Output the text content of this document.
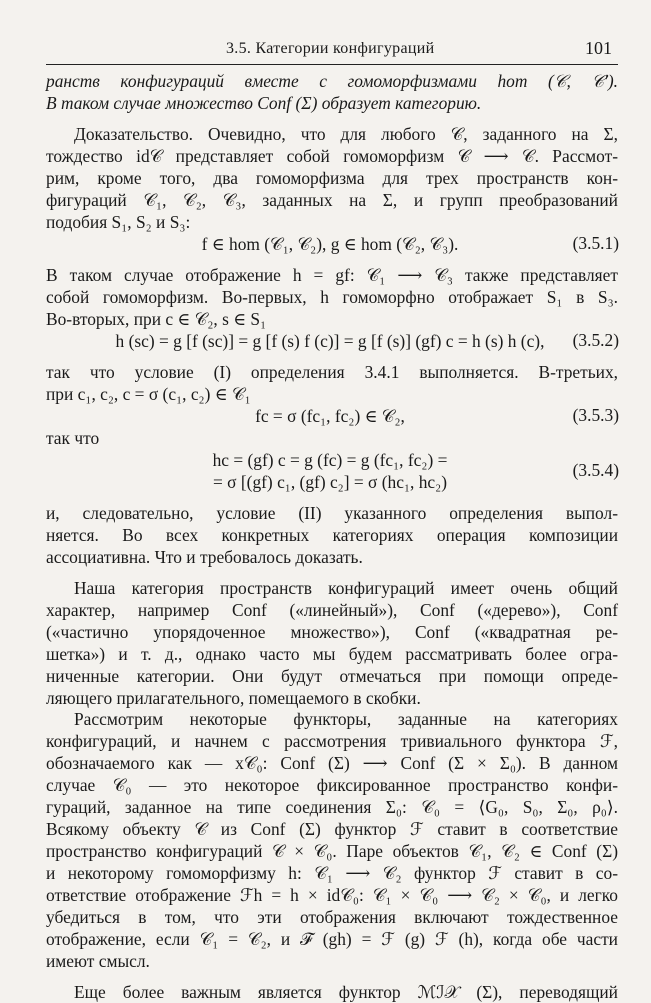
3.5. Категории конфигураций	101
ранств конфигураций вместе с гомоморфизмами hom (𝒞, 𝒞′).
В таком случае множество Conf (Σ) образует категорию.
Доказательство. Очевидно, что для любого 𝒞, заданного на Σ,
тождество id𝒞 представляет собой гомоморфизм 𝒞 ⟶ 𝒞. Рассмот-
рим, кроме того, два гомоморфизма для трех пространств кон-
фигураций 𝒞₁, 𝒞₂, 𝒞₃, заданных на Σ, и групп преобразований
подобия S₁, S₂ и S₃:
f ∈ hom (𝒞₁, 𝒞₂), g ∈ hom (𝒞₂, 𝒞₃).	(3.5.1)
В таком случае отображение h = gf: 𝒞₁ ⟶ 𝒞₃ также представляет
собой гомоморфизм. Во-первых, h гомоморфно отображает S₁ в S₃.
Во-вторых, при c ∈ 𝒞₂, s ∈ S₁
h (sc) = g [f (sc)] = g [f (s) f (c)] = g [f (s)] (gf) c = h (s) h (c),	(3.5.2)
так что условие (I) определения 3.4.1 выполняется. В-третьих,
при c₁, c₂, c = σ (c₁, c₂) ∈ 𝒞₁
fc = σ (fc₁, fc₂) ∈ 𝒞₂,	(3.5.3)
так что
hc = (gf) c = g (fc) = g (fc₁, fc₂) =
= σ [(gf) c₁, (gf) c₂] = σ (hc₁, hc₂)
и, следовательно, условие (II) указанного определения выпол-
няется. Во всех конкретных категориях операция композиции
ассоциативна. Что и требовалось доказать.
Наша категория пространств конфигураций имеет очень общий
характер, например Conf («линейный»), Conf («дерево»), Conf
(«частично упорядоченное множество»), Conf («квадратная ре-
шетка») и т. д., однако часто мы будем рассматривать более огра-
ниченные категории. Они будут отмечаться при помощи опреде-
ляющего прилагательного, помещаемого в скобки.
Рассмотрим некоторые функторы, заданные на категориях
конфигураций, и начнем с рассмотрения тривиального функтора ℱ,
обозначаемого как — x𝒞₀: Conf (Σ) ⟶ Conf (Σ × Σ₀). В данном
случае 𝒞₀ — это некоторое фиксированное пространство конфи-
гураций, заданное на типе соединения Σ₀: 𝒞₀ = ⟨G₀, S₀, Σ₀, ρ₀⟩.
Всякому объекту 𝒞 из Conf (Σ) функтор ℱ ставит в соответствие
пространство конфигураций 𝒞 × 𝒞₀. Паре объектов 𝒞₁, 𝒞₂ ∈ Conf (Σ)
и некоторому гомоморфизму h: 𝒞₁ ⟶ 𝒞₂ функтор ℱ ставит в со-
ответствие отображение ℱh = h × id𝒞₀: 𝒞₁ × 𝒞₀ ⟶ 𝒞₂ × 𝒞₀, и легко
убедиться в том, что эти отображения включают тождественное
отображение, если 𝒞₁ = 𝒞₂, и ℱ (gh) = ℱ (g) ℱ (h), когда обе части
имеют смысл.
Еще более важным является функтор ℳℐ𝒳 (Σ), переводящий
(3.5.4)
